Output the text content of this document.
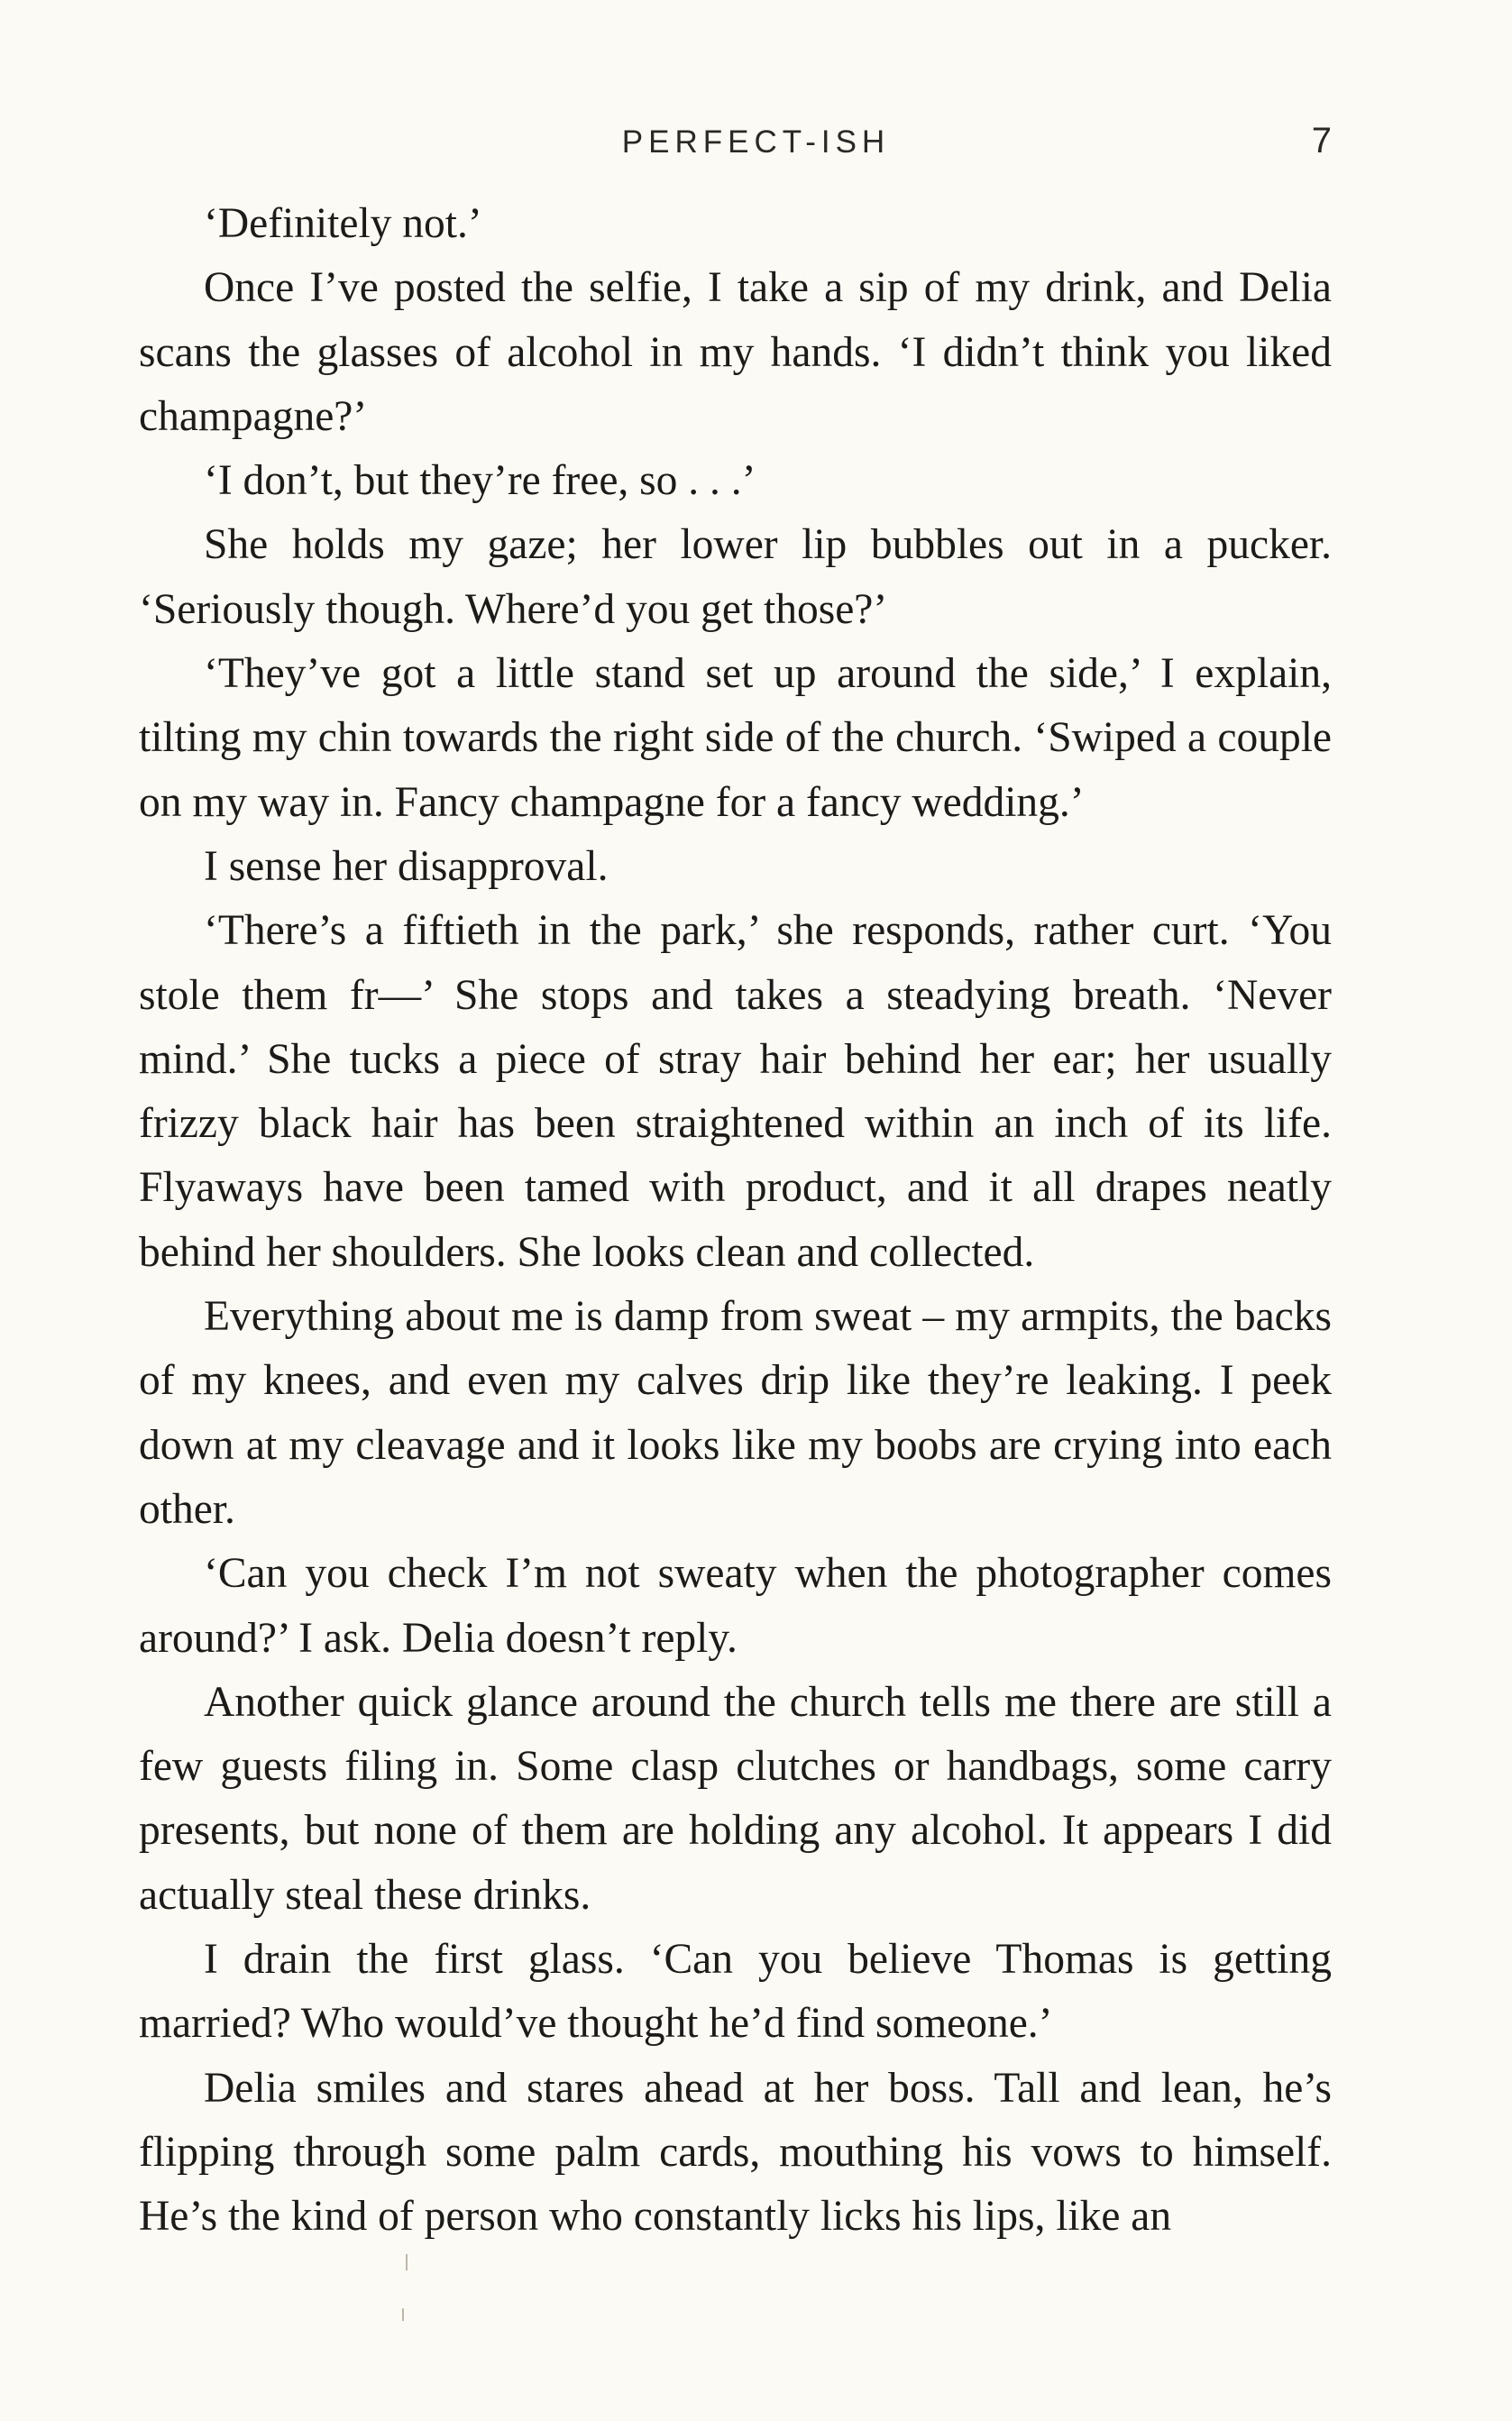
PERFECT-ISH	7

‘Definitely not.’

Once I’ve posted the selfie, I take a sip of my drink, and Delia scans the glasses of alcohol in my hands. ‘I didn’t think you liked champagne?’

‘I don’t, but they’re free, so . . .’

She holds my gaze; her lower lip bubbles out in a pucker. ‘Seriously though. Where’d you get those?’

‘They’ve got a little stand set up around the side,’ I explain, tilting my chin towards the right side of the church. ‘Swiped a couple on my way in. Fancy champagne for a fancy wedding.’

I sense her disapproval.

‘There’s a fiftieth in the park,’ she responds, rather curt. ‘You stole them fr—’ She stops and takes a steadying breath. ‘Never mind.’ She tucks a piece of stray hair behind her ear; her usually frizzy black hair has been straightened within an inch of its life. Flyaways have been tamed with product, and it all drapes neatly behind her shoulders. She looks clean and collected.

Everything about me is damp from sweat – my armpits, the backs of my knees, and even my calves drip like they’re leaking. I peek down at my cleavage and it looks like my boobs are crying into each other.

‘Can you check I’m not sweaty when the photographer comes around?’ I ask. Delia doesn’t reply.

Another quick glance around the church tells me there are still a few guests filing in. Some clasp clutches or handbags, some carry presents, but none of them are holding any alcohol. It appears I did actually steal these drinks.

I drain the first glass. ‘Can you believe Thomas is getting married? Who would’ve thought he’d find someone.’

Delia smiles and stares ahead at her boss. Tall and lean, he’s flipping through some palm cards, mouthing his vows to himself. He’s the kind of person who constantly licks his lips, like an
